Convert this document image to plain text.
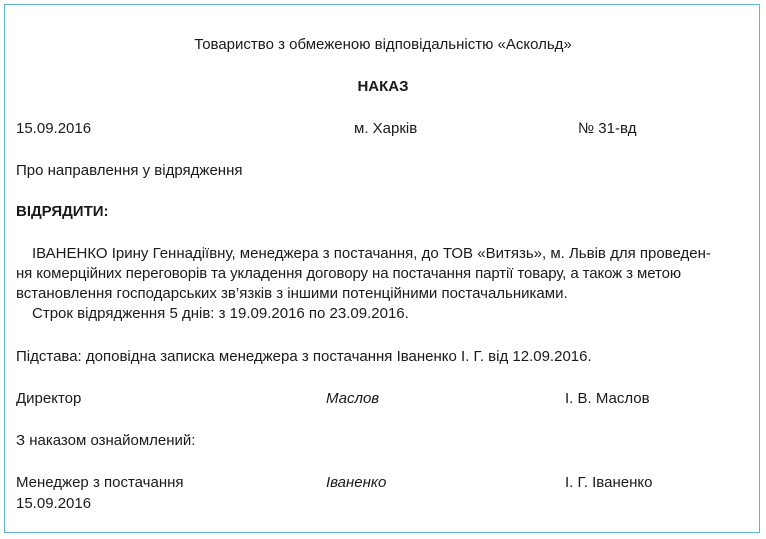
Товариство з обмеженою відповідальністю «Аскольд»
НАКАЗ
15.09.2016	м. Харків	№ 31-вд
Про направлення у відрядження
ВІДРЯДИТИ:
ІВАНЕНКО Ірину Геннадіївну, менеджера з постачання, до ТОВ «Витязь», м. Львів для проведен-
ня комерційних переговорів та укладення договору на постачання партії товару, а також з метою
встановлення господарських зв’язків з іншими потенційними постачальниками.
Строк відрядження 5 днів: з 19.09.2016 по 23.09.2016.
Підстава: доповідна записка менеджера з постачання Іваненко І. Г. від 12.09.2016.
Директор	Маслов	І. В. Маслов
З наказом ознайомлений:
Менеджер з постачання	Іваненко	І. Г. Іваненко
15.09.2016
